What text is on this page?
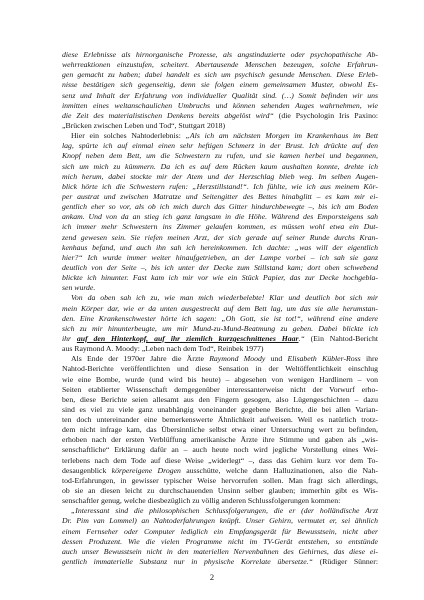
diese Erlebnisse als hirnorganische Prozesse, als angstinduzierte oder psychopathische Ab-
wehrreaktionen einzustufen, scheitert. Abertausende Menschen bezeugen, solche Erfahrun-
gen gemacht zu haben; dabei handelt es sich um psychisch gesunde Menschen. Diese Erleb-
nisse bestätigen sich gegenseitig, denn sie folgen einem gemeinsamen Muster, obwohl Es-
senz und Inhalt der Erfahrung von individueller Qualität sind. (…) Somit befinden wir uns
inmitten eines weltanschaulichen Umbruchs und können sehenden Auges wahrnehmen, wie
die Zeit des materialistischen Denkens bereits abgelöst wird“ (die Psychologin Iris Paxino:
„Brücken zwischen Leben und Tod“, Stuttgart 2018)
Hier ein solches Nahtoderlebnis: „Als ich am nächsten Morgen im Krankenhaus im Bett
lag, spürte ich auf einmal einen sehr heftigen Schmerz in der Brust. Ich drückte auf den
Knopf neben dem Bett, um die Schwestern zu rufen, und sie kamen herbei und begannen,
sich um mich zu kümmern. Da ich es auf dem Rücken kaum aushalten konnte, drehte ich
mich herum, dabei stockte mir der Atem und der Herzschlag blieb weg. Im selben Augen-
blick hörte ich die Schwestern rufen: „Herzstillstand!“. Ich fühlte, wie ich aus meinem Kör-
per austrat und zwischen Matratze und Seitengitter des Bettes hinabglitt – es kam mir ei-
gentlich eher so vor, als ob ich mich durch das Gitter hindurchbewegte –, bis ich am Boden
ankam. Und von da an stieg ich ganz langsam in die Höhe. Während des Emporsteigens sah
ich immer mehr Schwestern ins Zimmer gelaufen kommen, es müssen wohl etwa ein Dut-
zend gewesen sein. Sie riefen meinen Arzt, der sich gerade auf seiner Runde durchs Kran-
kenhaus befand, und auch ihn sah ich hereinkommen. Ich dachte: „was will der eigentlich
hier?“ Ich wurde immer weiter hinaufgetrieben, an der Lampe vorbei – ich sah sie ganz
deutlich von der Seite –, bis ich unter der Decke zum Stillstand kam; dort oben schwebend
blickte ich hinunter. Fast kam ich mir vor wie ein Stück Papier, das zur Decke hochgebla-
sen wurde.
Von da oben sah ich zu, wie man mich wiederbelebte! Klar und deutlich bot sich mir
mein Körper dar, wie er da unten ausgestreckt auf dem Bett lag, um das sie alle herumstan-
den. Eine Krankenschwester hörte ich sagen: „Oh Gott, sie ist tot!“, während eine andere
sich zu mir hinunterbeugte, um mir Mund-zu-Mund-Beatmung zu geben. Dabei blickte ich
ihr auf den Hinterkopf, auf ihr ziemlich kurzgeschnittenes Haar.“ (Ein Nahtod-Bericht
aus Raymond A. Moody: „Leben nach dem Tod“, Reinbek 1977)
Als Ende der 1970er Jahre die Ärzte Raymond Moody und Elisabeth Kübler-Ross ihre
Nahtod-Berichte veröffentlichten und diese Sensation in der Weltöffentlichkeit einschlug
wie eine Bombe, wurde (und wird bis heute) – abgesehen von wenigen Hardlinern – von
Seiten etablierter Wissenschaft demgegenüber interessanterweise nicht der Vorwurf erho-
ben, diese Berichte seien allesamt aus den Fingern gesogen, also Lügengeschichten – dazu
sind es viel zu viele ganz unabhängig voneinander gegebene Berichte, die bei allen Varian-
ten doch untereinander eine bemerkenswerte Ähnlichkeit aufweisen. Weil es natürlich trotz-
dem nicht infrage kam, das Übersinnliche selbst etwa einer Untersuchung wert zu befinden,
erhoben nach der ersten Verblüffung amerikanische Ärzte ihre Stimme und gaben als „wis-
senschaftliche“ Erklärung dafür an – auch heute noch wird jegliche Vorstellung eines Wei-
terlebens nach dem Tode auf diese Weise „widerlegt“ –, dass das Gehirn kurz vor dem To-
desaugenblick körpereigene Drogen ausschütte, welche dann Halluzinationen, also die Nah-
tod-Erfahrungen, in gewisser typischer Weise hervorrufen sollen. Man fragt sich allerdings,
ob sie an diesen leicht zu durchschauenden Unsinn selber glauben; immerhin gibt es Wis-
senschaftler genug, welche diesbezüglich zu völlig anderen Schlussfolgerungen kommen:
„Interessant sind die philosophischen Schlussfolgerungen, die er (der holländische Arzt
Dr. Pim van Lommel) an Nahtoderfahrungen knüpft. Unser Gehirn, vermutet er, sei ähnlich
einem Fernseher oder Computer lediglich ein Empfangsgerät für Bewusstsein, nicht aber
dessen Produzent. Wie die vielen Programme nicht im TV-Gerät entstehen, so entstünde
auch unser Bewusstsein nicht in den materiellen Nervenbahnen des Gehirnes, das diese ei-
gentlich immaterielle Substanz nur in physische Korrelate übersetze.“ (Rüdiger Sünner:
2
